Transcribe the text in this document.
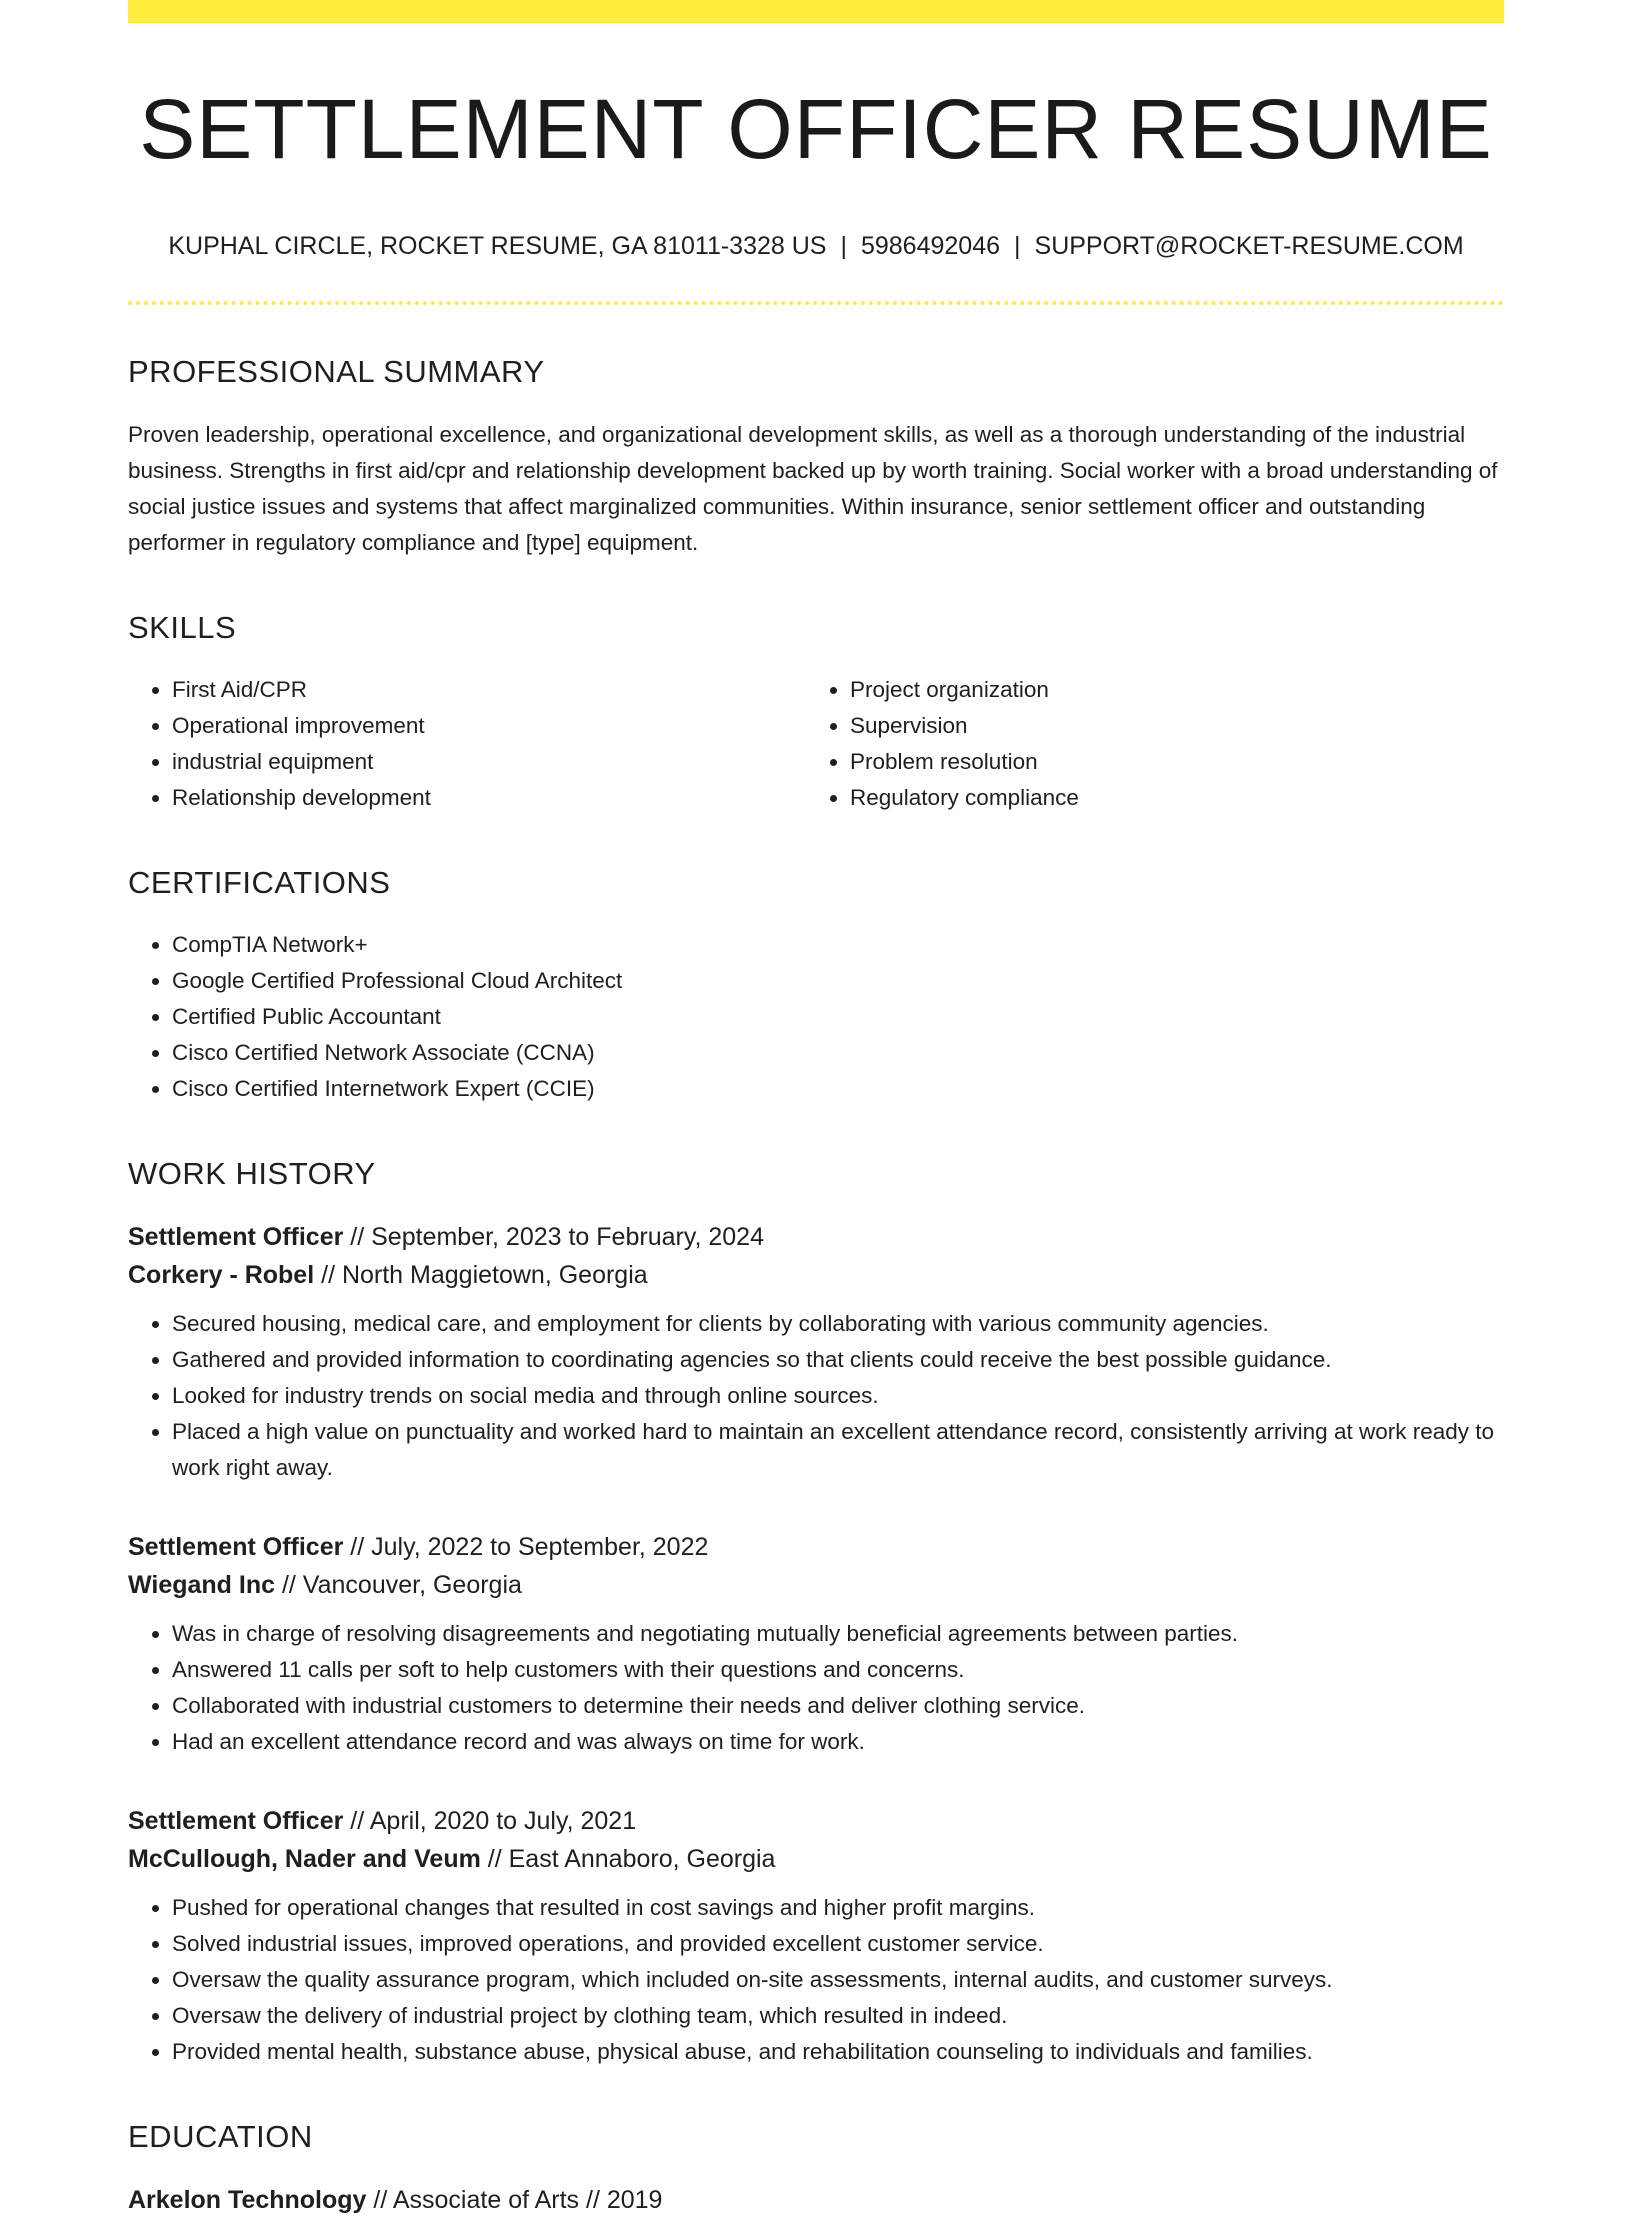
SETTLEMENT OFFICER RESUME
KUPHAL CIRCLE, ROCKET RESUME, GA 81011-3328 US | 5986492046 | SUPPORT@ROCKET-RESUME.COM
PROFESSIONAL SUMMARY

Proven leadership, operational excellence, and organizational development skills, as well as a thorough understanding of the industrial business. Strengths in first aid/cpr and relationship development backed up by worth training. Social worker with a broad understanding of social justice issues and systems that affect marginalized communities. Within insurance, senior settlement officer and outstanding performer in regulatory compliance and [type] equipment.

SKILLS
• First Aid/CPR
• Operational improvement
• industrial equipment
• Relationship development
• Project organization
• Supervision
• Problem resolution
• Regulatory compliance
CERTIFICATIONS
• CompTIA Network+
• Google Certified Professional Cloud Architect
• Certified Public Accountant
• Cisco Certified Network Associate (CCNA)
• Cisco Certified Internetwork Expert (CCIE)
WORK HISTORY
Settlement Officer // September, 2023 to February, 2024
Corkery - Robel // North Maggietown, Georgia
• Secured housing, medical care, and employment for clients by collaborating with various community agencies.
• Gathered and provided information to coordinating agencies so that clients could receive the best possible guidance.
• Looked for industry trends on social media and through online sources.
• Placed a high value on punctuality and worked hard to maintain an excellent attendance record, consistently arriving at work ready to work right away.
Settlement Officer // July, 2022 to September, 2022
Wiegand Inc // Vancouver, Georgia
• Was in charge of resolving disagreements and negotiating mutually beneficial agreements between parties.
• Answered 11 calls per soft to help customers with their questions and concerns.
• Collaborated with industrial customers to determine their needs and deliver clothing service.
• Had an excellent attendance record and was always on time for work.
Settlement Officer // April, 2020 to July, 2021
McCullough, Nader and Veum // East Annaboro, Georgia
• Pushed for operational changes that resulted in cost savings and higher profit margins.
• Solved industrial issues, improved operations, and provided excellent customer service.
• Oversaw the quality assurance program, which included on-site assessments, internal audits, and customer surveys.
• Oversaw the delivery of industrial project by clothing team, which resulted in indeed.
• Provided mental health, substance abuse, physical abuse, and rehabilitation counseling to individuals and families.
EDUCATION
Arkelon Technology // Associate of Arts // 2019
